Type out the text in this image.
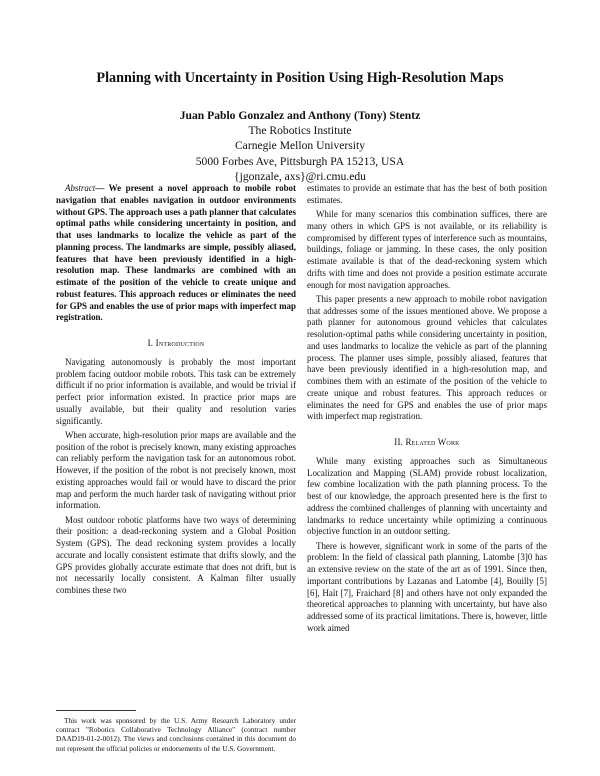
Planning with Uncertainty in Position Using High-Resolution Maps
Juan Pablo Gonzalez and Anthony (Tony) Stentz
The Robotics Institute
Carnegie Mellon University
5000 Forbes Ave, Pittsburgh PA 15213, USA
{jgonzale, axs}@ri.cmu.edu

Abstract— We present a novel approach to mobile robot navigation that enables navigation in outdoor environments without GPS. The approach uses a path planner that calculates optimal paths while considering uncertainty in position, and that uses landmarks to localize the vehicle as part of the planning process. The landmarks are simple, possibly aliased, features that have been previously identified in a high-resolution map. These landmarks are combined with an estimate of the position of the vehicle to create unique and robust features. This approach reduces or eliminates the need for GPS and enables the use of prior maps with imperfect map registration.

I. Introduction

Navigating autonomously is probably the most important problem facing outdoor mobile robots. This task can be extremely difficult if no prior information is available, and would be trivial if perfect prior information existed. In practice prior maps are usually available, but their quality and resolution varies significantly.

When accurate, high-resolution prior maps are available and the position of the robot is precisely known, many existing approaches can reliably perform the navigation task for an autonomous robot. However, if the position of the robot is not precisely known, most existing approaches would fail or would have to discard the prior map and perform the much harder task of navigating without prior information.

Most outdoor robotic platforms have two ways of determining their position: a dead-reckoning system and a Global Position System (GPS). The dead reckoning system provides a locally accurate and locally consistent estimate that drifts slowly, and the GPS provides globally accurate estimate that does not drift, but is not necessarily locally consistent. A Kalman filter usually combines these two

estimates to provide an estimate that has the best of both position estimates.

While for many scenarios this combination suffices, there are many others in which GPS is not available, or its reliability is compromised by different types of interference such as mountains, buildings, foliage or jamming. In these cases, the only position estimate available is that of the dead-reckoning system which drifts with time and does not provide a position estimate accurate enough for most navigation approaches.

This paper presents a new approach to mobile robot navigation that addresses some of the issues mentioned above. We propose a path planner for autonomous ground vehicles that calculates resolution-optimal paths while considering uncertainty in position, and uses landmarks to localize the vehicle as part of the planning process. The planner uses simple, possibly aliased, features that have been previously identified in a high-resolution map, and combines them with an estimate of the position of the vehicle to create unique and robust features. This approach reduces or eliminates the need for GPS and enables the use of prior maps with imperfect map registration.

II. Related Work

While many existing approaches such as Simultaneous Localization and Mapping (SLAM) provide robust localization, few combine localization with the path planning process. To the best of our knowledge, the approach presented here is the first to address the combined challenges of planning with uncertainty and landmarks to reduce uncertainty while optimizing a continuous objective function in an outdoor setting.

There is however, significant work in some of the parts of the problem: In the field of classical path planning, Latombe [3]0 has an extensive review on the state of the art as of 1991. Since then, important contributions by Lazanas and Latombe [4], Bouilly [5][6], Haït [7], Fraichard [8] and others have not only expanded the theoretical approaches to planning with uncertainty, but have also addressed some of its practical limitations. There is, however, little work aimed

This work was sponsored by the U.S. Army Research Laboratory under contract "Robotics Collaborative Technology Alliance" (contract number DAAD19-01-2-0012). The views and conclusions contained in this document do not represent the official policies or endorsements of the U.S. Government.
